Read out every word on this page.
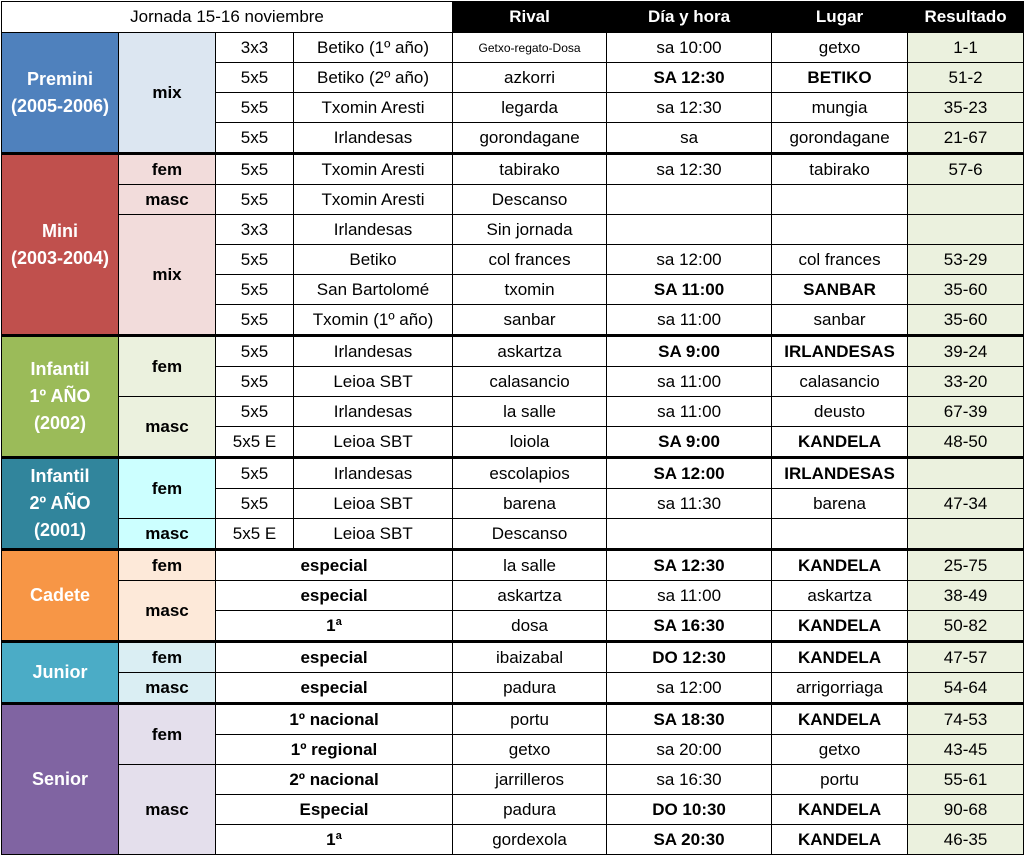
Jornada 15-16 noviembre				Rival	Día y hora	Lugar	Resultado
Premini
(2005-2006)	mix	3x3	Betiko (1º año)	Getxo-regato-Dosa	sa 10:00	getxo	1-1
		5x5	Betiko (2º año)	azkorri	SA 12:30	BETIKO	51-2
		5x5	Txomin Aresti	legarda	sa 12:30	mungia	35-23
		5x5	Irlandesas	gorondagane	sa	gorondagane	21-67
Mini
(2003-2004)	fem	5x5	Txomin Aresti	tabirako	sa 12:30	tabirako	57-6
	masc	5x5	Txomin Aresti	Descanso			
	mix	3x3	Irlandesas	Sin jornada			
		5x5	Betiko	col frances	sa 12:00	col frances	53-29
		5x5	San Bartolomé	txomin	SA 11:00	SANBAR	35-60
		5x5	Txomin (1º año)	sanbar	sa 11:00	sanbar	35-60
Infantil
1º AÑO
(2002)	fem	5x5	Irlandesas	askartza	SA 9:00	IRLANDESAS	39-24
		5x5	Leioa SBT	calasancio	sa 11:00	calasancio	33-20
	masc	5x5	Irlandesas	la salle	sa 11:00	deusto	67-39
		5x5 E	Leioa SBT	loiola	SA 9:00	KANDELA	48-50
Infantil
2º AÑO
(2001)	fem	5x5	Irlandesas	escolapios	SA 12:00	IRLANDESAS	
		5x5	Leioa SBT	barena	sa 11:30	barena	47-34
	masc	5x5 E	Leioa SBT	Descanso			
Cadete	fem	especial		la salle	SA 12:30	KANDELA	25-75
	masc	especial		askartza	sa 11:00	askartza	38-49
		1ª		dosa	SA 16:30	KANDELA	50-82
Junior	fem	especial		ibaizabal	DO 12:30	KANDELA	47-57
	masc	especial		padura	sa 12:00	arrigorriaga	54-64
Senior	fem	1º nacional		portu	SA 18:30	KANDELA	74-53
		1º regional		getxo	sa 20:00	getxo	43-45
	masc	2º nacional		jarrilleros	sa 16:30	portu	55-61
		Especial		padura	DO 10:30	KANDELA	90-68
		1ª		gordexola	SA 20:30	KANDELA	46-35
